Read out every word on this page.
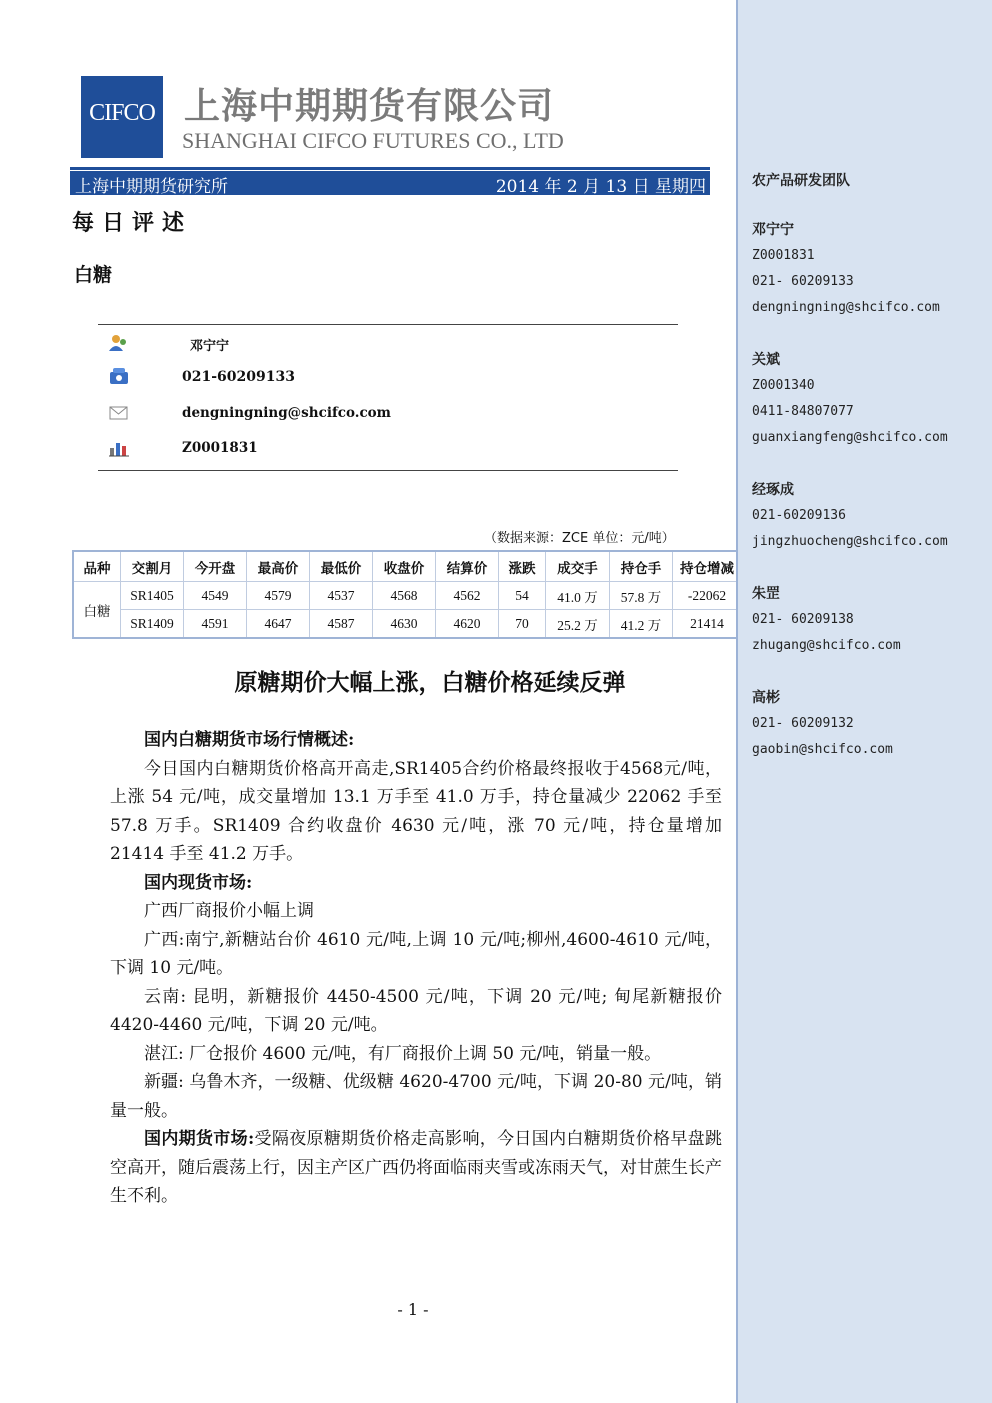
CIFCO 上海中期期货有限公司
SHANGHAI CIFCO FUTURES CO., LTD
上海中期期货研究所	2014 年 2 月 13 日 星期四
每日评述
白糖
邓宁宁
021-60209133
dengningning@shcifco.com
Z0001831
（数据来源：ZCE 单位：元/吨）
品种	交割月	今开盘	最高价	最低价	收盘价	结算价	涨跌	成交手	持仓手	持仓增减
白糖	SR1405	4549	4579	4537	4568	4562	54	41.0 万	57.8 万	-22062
	SR1409	4591	4647	4587	4630	4620	70	25.2 万	41.2 万	21414
原糖期价大幅上涨，白糖价格延续反弹

国内白糖期货市场行情概述:

今日国内白糖期货价格高开高走,SR1405合约价格最终报收于4568元/吨，上涨 54 元/吨，成交量增加 13.1 万手至 41.0 万手，持仓量减少 22062 手至 57.8 万手。SR1409 合约收盘价 4630 元/吨，涨 70 元/吨，持仓量增加 21414 手至 41.2 万手。

国内现货市场:

广西厂商报价小幅上调

广西:南宁,新糖站台价 4610 元/吨,上调 10 元/吨;柳州,4600-4610 元/吨，下调 10 元/吨。

云南: 昆明，新糖报价 4450-4500 元/吨，下调 20 元/吨; 甸尾新糖报价 4420-4460 元/吨，下调 20 元/吨。

湛江: 厂仓报价 4600 元/吨，有厂商报价上调 50 元/吨，销量一般。

新疆: 乌鲁木齐，一级糖、优级糖 4620-4700 元/吨，下调 20-80 元/吨，销量一般。

国内期货市场:受隔夜原糖期货价格走高影响，今日国内白糖期货价格早盘跳空高开，随后震荡上行，因主产区广西仍将面临雨夹雪或冻雨天气，对甘蔗生长产生不利。

- 1 -
农产品研发团队
邓宁宁
Z0001831
021- 60209133
dengningning@shcifco.com
关斌
Z0001340
0411-84807077
guanxiangfeng@shcifco.com
经琢成
021-60209136
jingzhuocheng@shcifco.com
朱罡
021- 60209138
zhugang@shcifco.com
高彬
021- 60209132
gaobin@shcifco.com
